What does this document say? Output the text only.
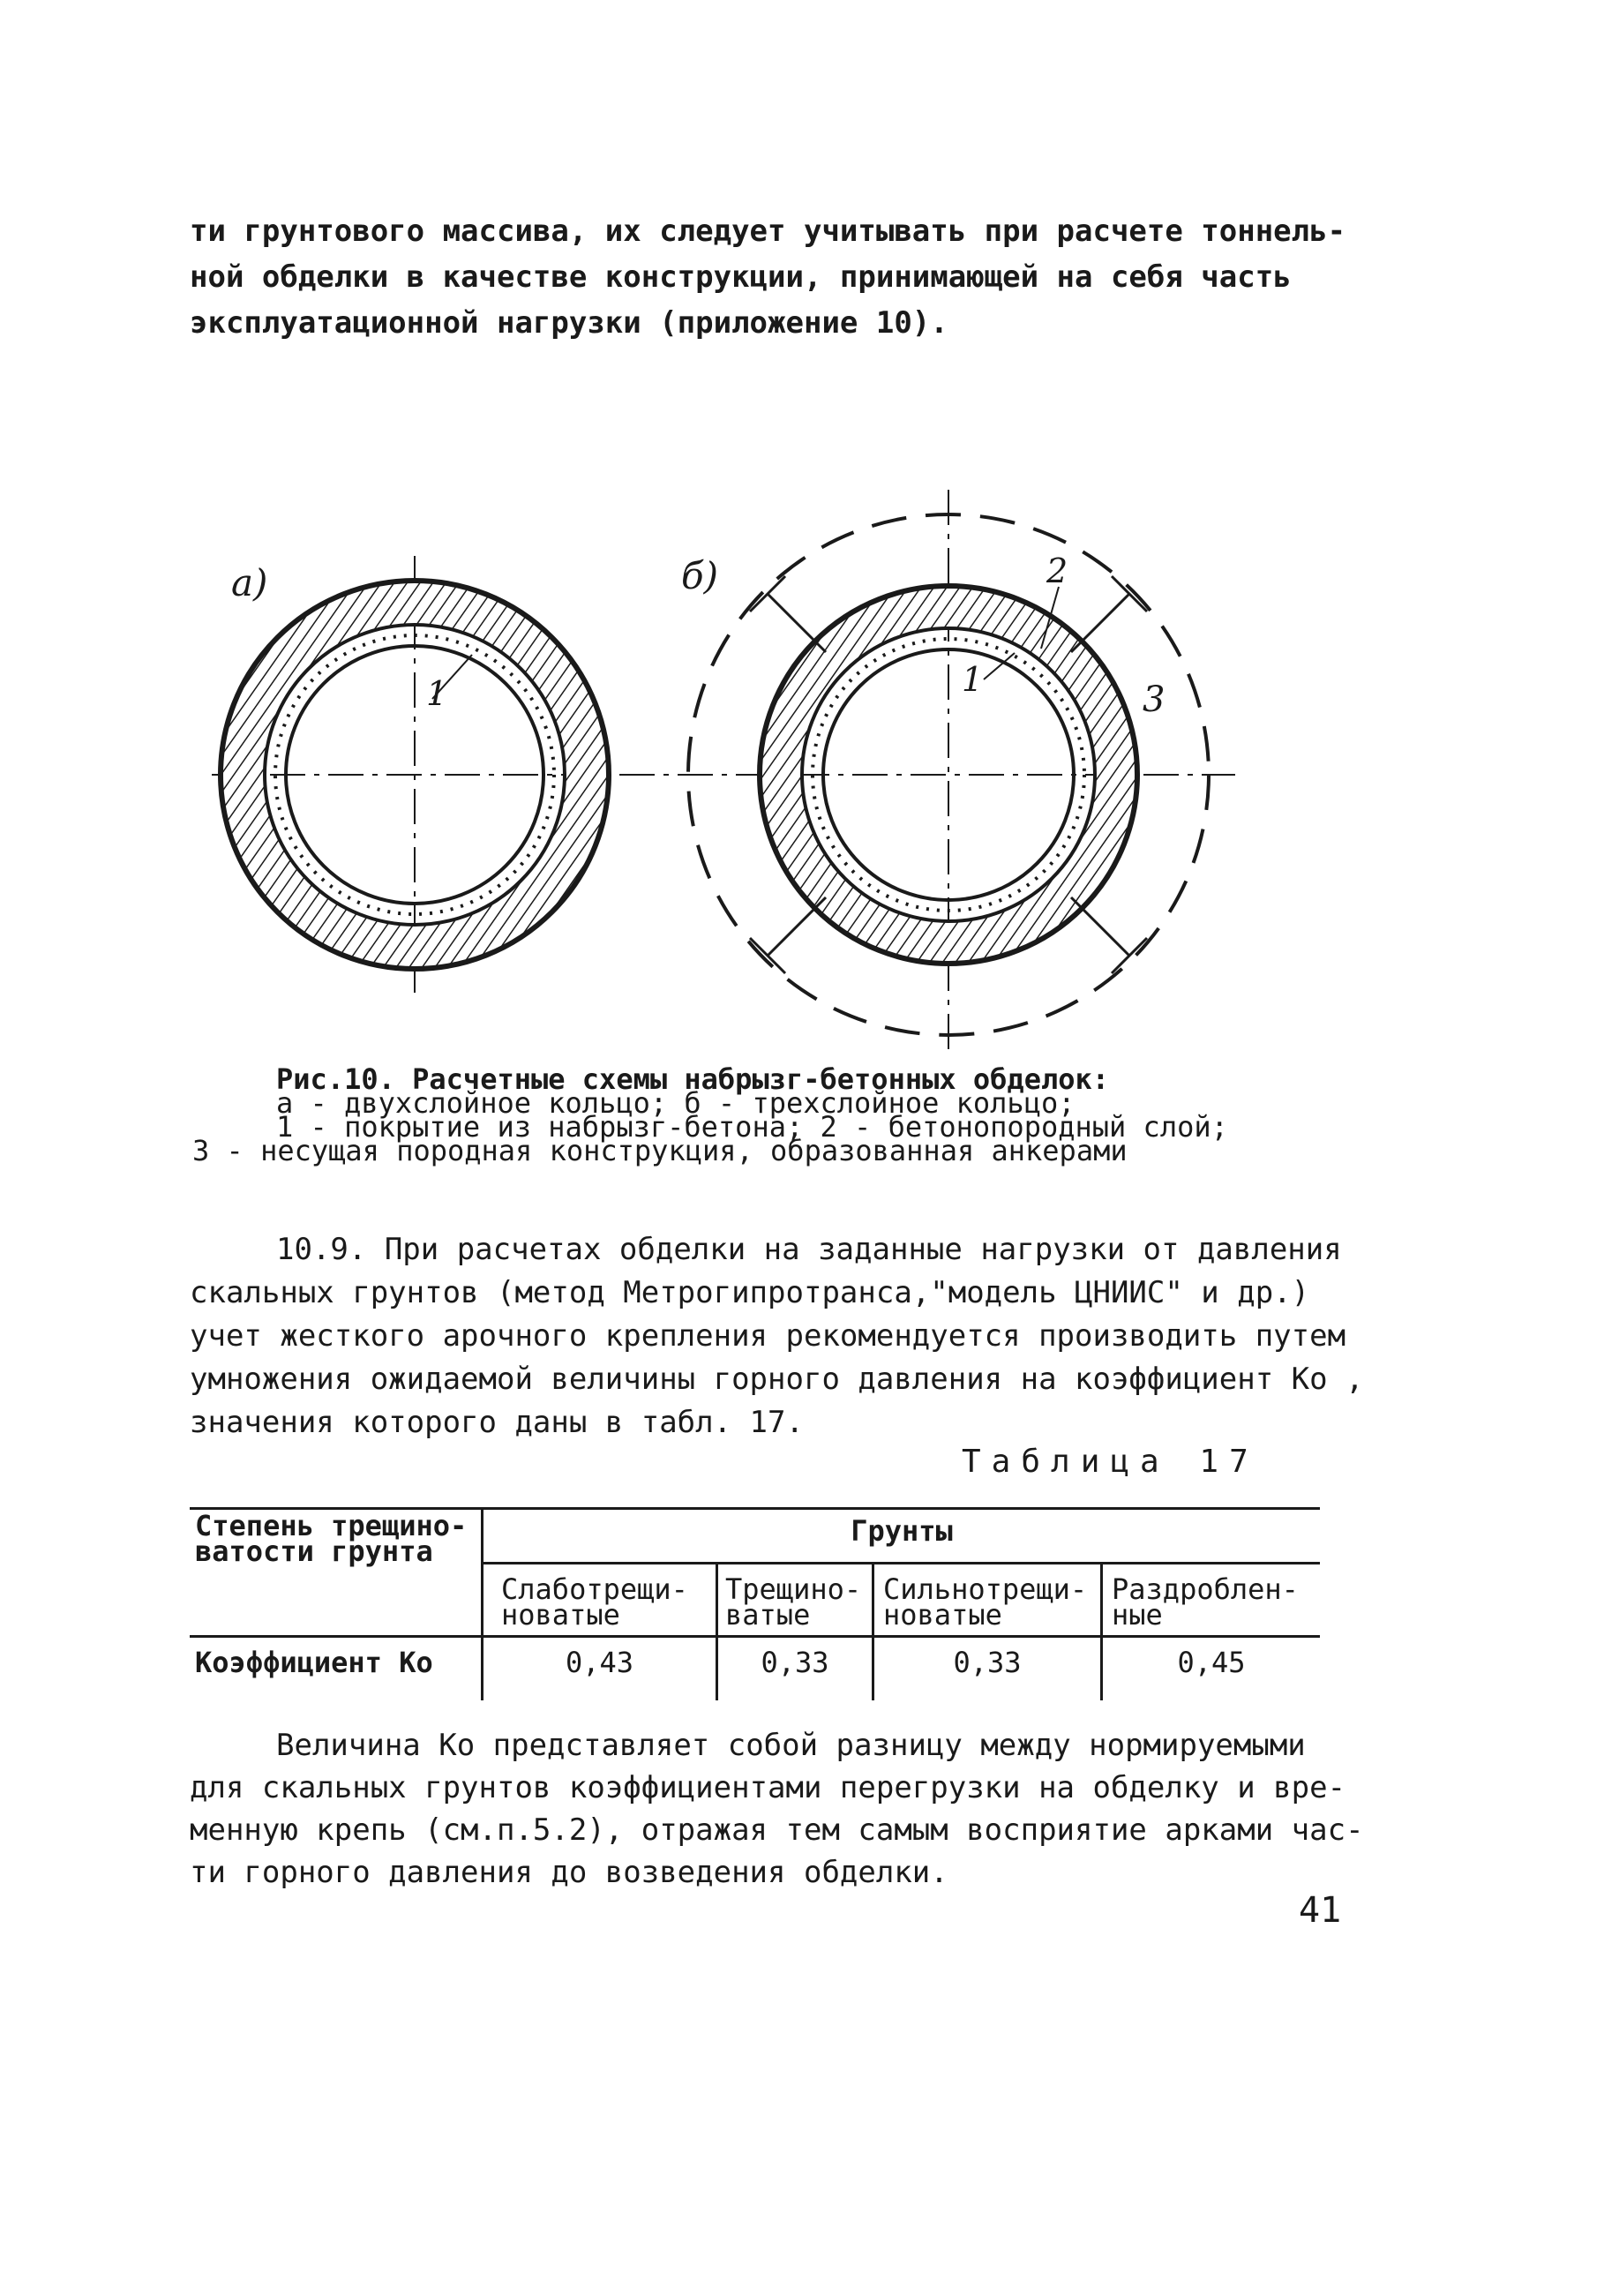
ти грунтового массива, их следует учитывать при расчете тоннель-
ной обделки в качестве конструкции, принимающей на себя часть
эксплуатационной нагрузки (приложение 10).
а)	б)
1	1
2
3
Рис.10. Расчетные схемы набрызг-бетонных обделок:
а - двухслойное кольцо; б - трехслойное кольцо;
1 - покрытие из набрызг-бетона; 2 - бетонопородный слой;
3 - несущая породная конструкция, образованная анкерами
10.9. При расчетах обделки на заданные нагрузки от давления
скальных грунтов (метод Метрогипротранса,"модель ЦНИИС" и др.)
учет жесткого арочного крепления рекомендуется производить путем
умножения ожидаемой величины горного давления на коэффициент Kо ,
значения которого даны в табл. 17.
Таблица 17
Степень трещино- ватости грунта	Грунты			
	Слаботрещи- новатые	Трещино- ватые	Сильнотрещи- новатые	Раздроблен- ные
Коэффициент Kо	0,43	0,33	0,33	0,45
Величина Kо представляет собой разницу между нормируемыми
для скальных грунтов коэффициентами перегрузки на обделку и вре-
менную крепь (см.п.5.2), отражая тем самым восприятие арками час-
ти горного давления до возведения обделки.
41
